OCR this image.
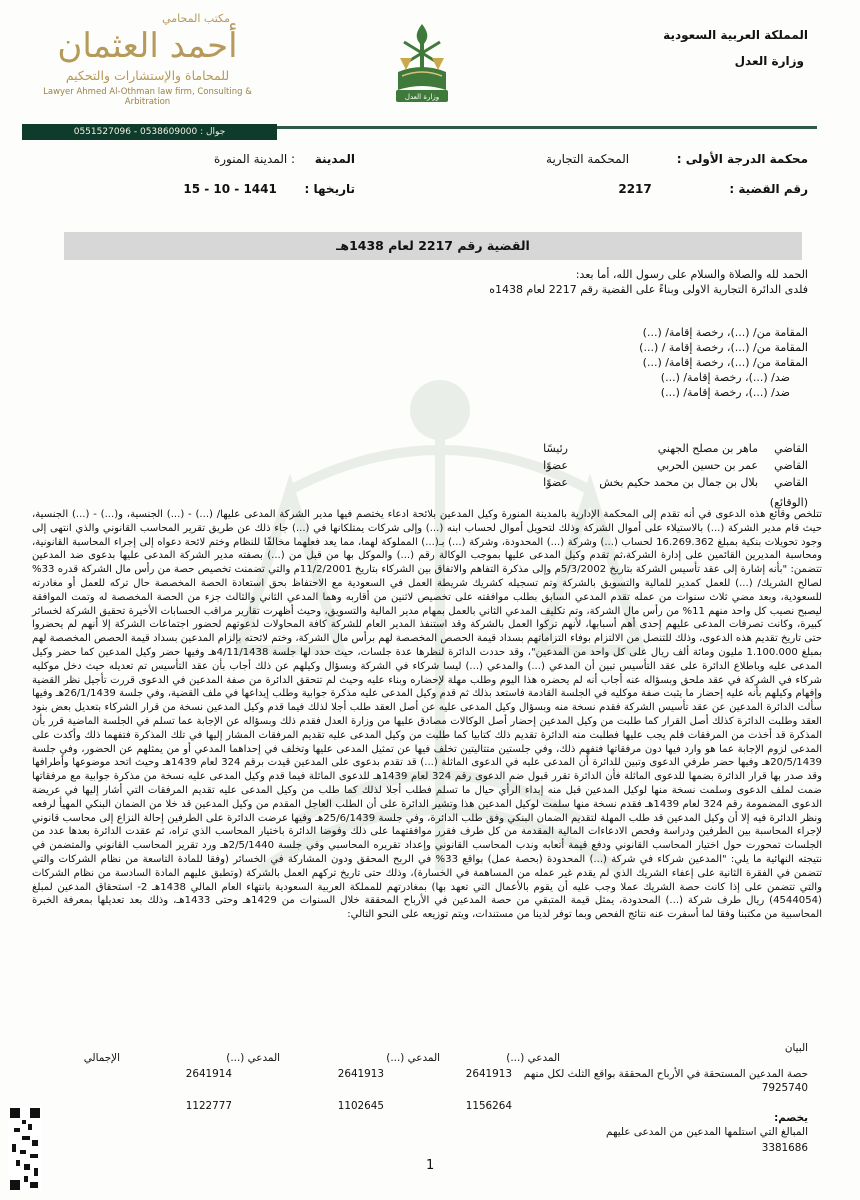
المملكة العربية السعودية
وزارة العدل
وزارة العدل
مكتب المحامي
أحمد العثمان
للمحاماة والإستشارات والتحكيم
Lawyer Ahmed Al-Othman law firm, Consulting & Arbitration
جوال : 0538609000 - 0551527096
محكمة الدرجة الأولى :  المحكمة التجارية
المدينة  : المدينة المنورة
رقم القضية :  2217
تاريخها :  15 - 10 - 1441
القضية رقم 2217 لعام 1438هـ
الحمد لله والصلاة والسلام على رسول الله، أما بعد:
فلدى الدائرة التجارية الاولى وبناءً على القضية رقم 2217 لعام 1438ه
المقامة من/ (...)، رخصة إقامة/ (...)
المقامة من/ (...)، رخصة إقامة / (...)
المقامة من/ (...)، رخصة إقامة/ (...)
ضد/ (...)، رخصة إقامة/ (...)
ضد/ (...)، رخصة إقامة/ (...)
القاضي
ماهر بن مصلح الجهني
رئيسًا
القاضي
عمر بن حسين الحربي
عضوًا
القاضي
بلال بن جمال بن محمد حكيم بخش
عضوًا
(الوقائع)
تتلخص وقائع هذه الدعوى في أنه تقدم إلى المحكمة الإدارية بالمدينة المنورة وكيل المدعين بلائحة ادعاء يختصم فيها مدير الشركة المدعى عليها/ (...) - (...) الجنسية، و(...) - (...) الجنسية، حيث قام مدير الشركة (...) بالاستيلاء على أموال الشركة وذلك لتحويل أموال لحساب ابنه (...) وإلى شركات يمتلكانها في (...) جاء ذلك عن طريق تقرير المحاسب القانوني والذي انتهى إلى وجود تحويلات بنكية بمبلغ 16.269.362 لحساب (...) وشركة (...) المحدودة، وشركة (...) بـ(...) المملوكة لهما، مما يعد فعلهما مخالفًا للنظام وختم لائحة دعواه إلى إجراء المحاسبة القانونية، ومحاسبة المديرين القائمين على إدارة الشركة،ثم تقدم وكيل المدعى عليها بموجب الوكالة رقم (...) والموكل بها من قبل من (...) بصفته مدير الشركة المدعى عليها بدعوى ضد المدعين تتضمن: "بأنه إشارة إلى عقد تأسيس الشركة بتاريخ 5/3/2002م وإلى مذكرة التفاهم والاتفاق بين الشركاء بتاريخ 11/2/2001م والتي تضمنت تخصيص حصة من رأس مال الشركة قدره 33% لصالح الشريك/ (...) للعمل كمدير للمالية والتسويق بالشركة وتم تسجيله كشريك شريطة العمل في السعودية مع الاحتفاظ بحق استعادة الحصة المخصصة حال تركه للعمل أو مغادرته للسعودية، وبعد مضي ثلاث سنوات من عمله تقدم المدعي السابق بطلب موافقته على تخصيص لاثنين من أقاربه وهما المدعي الثاني والثالث جزء من الحصة المخصصة له وتمت الموافقة ليصبح نصيب كل واحد منهم 11% من رأس مال الشركة، وتم تكليف المدعي الثاني بالعمل بمهام مدير المالية والتسويق، وحيث أظهرت تقارير مراقب الحسابات الأخيرة تحقيق الشركة لخسائر كبيرة، وكانت تصرفات المدعى عليهم إحدى أهم أسبابها، لأنهم تركوا العمل بالشركة وقد استنفذ المدير العام للشركة كافة المحاولات لدعوتهم لحضور اجتماعات الشركة إلا أنهم لم يحضروا حتى تاريخ تقديم هذه الدعوى، وذلك للتنصل من الالتزام بوفاء التزاماتهم بسداد قيمة الحصص المخصصة لهم برأس مال الشركة، وختم لائحته بإلزام المدعين بسداد قيمة الحصص المخصصة لهم بمبلغ 1.100.000 مليون ومائة ألف ريال على كل واحد من المدعين"، وقد حددت الدائرة لنظرها عدة جلسات، حيث حدد لها جلسة 4/11/1438هـ وفيها حضر وكيل المدعين كما حضر وكيل المدعى عليه وباطلاع الدائرة على عقد التأسيس تبين أن المدعي (...) والمدعي (...) ليسا شركاء في الشركة وبسؤال وكيلهم عن ذلك أجاب بأن عقد التأسيس تم تعديله حيث دخل موكليه شركاء في الشركة في عقد ملحق وبسؤاله عنه أجاب أنه لم يحضره هذا اليوم وطلب مهلة لإحضاره وبناء عليه وحيث لم تتحقق الدائرة من صفة المدعين في الدعوى قررت تأجيل نظر القضية وإفهام وكيلهم بأنه عليه إحضار ما يثبت صفة موكليه في الجلسة القادمة فاستعد بذلك ثم قدم وكيل المدعى عليه مذكرة جوابية وطلب إيداعها في ملف القضية، وفي جلسة 26/1/1439هـ وفيها سألت الدائرة المدعين عن عقد تأسيس الشركة فقدم نسخة منه وبسؤال وكيل المدعى عليه عن أصل العقد طلب أجلا لذلك فيما قدم وكيل المدعين نسخة من قرار الشركاء بتعديل بعض بنود العقد وطلبت الدائرة كذلك أصل القرار كما طلبت من وكيل المدعين إحضار أصل الوكالات مصادق عليها من وزارة العدل فقدم ذلك وبسؤاله عن الإجابة عما تسلم في الجلسة الماضية قرر بأن المذكرة قد أخذت من المرفقات فلم يجب عليها فطلبت منه الدائرة تقديم ذلك كتابيا كما طلبت من وكيل المدعى عليه تقديم المرفقات المشار إليها في تلك المذكرة فتفهما ذلك وأكدت على المدعى لزوم الإجابة عما هو وارد فيها دون مرفقاتها فتفهم ذلك، وفي جلستين متتاليتين تخلف فيها عن تمثيل المدعى عليها وتخلف في إحداهما المدعي أو من يمثلهم عن الحضور، وفي جلسة 20/5/1439هـ وفيها حضر طرفي الدعوى وتبين للدائرة أن المدعى عليه في الدعوى الماثلة (...) قد تقدم بدعوى على المدعين قيدت برقم 324 لعام 1439هـ وحيث اتحد موضوعها وأطرافها وقد صدر بها قرار الدائرة بضمها للدعوى الماثلة فأن الدائرة تقرر قبول ضم الدعوى رقم 324 لعام 1439هـ للدعوى الماثلة فيما قدم وكيل المدعى عليه نسخة من مذكرة جوابية مع مرفقاتها ضمت لملف الدعوى وسلمت نسخة منها لوكيل المدعين قبل منه إبداء الرأي حيال ما تسلم فطلب أجلا لذلك كما طلب من وكيل المدعى عليه تقديم المرفقات التي أشار إليها في عريضة الدعوى المضمومة رقم 324 لعام 1439هـ فقدم نسخة منها سلمت لوكيل المدعين هذا وتشير الدائرة على أن الطلب العاجل المقدم من وكيل المدعين قد خلا من الضمان البنكي المهيأ لرفعه ونظر الدائرة فيه إلا أن وكيل المدعين قد طلب المهلة لتقديم الضمان البنكي وفق طلب الدائرة، وفي جلسة 25/6/1439هـ وفيها عرضت الدائرة على الطرفين إحالة النزاع إلى محاسب قانوني لإجراء المحاسبة بين الطرفين ودراسة وفحص الادعاءات المالية المقدمة من كل طرف فقرر موافقتهما على ذلك وفوضا الدائرة باختيار المحاسب الذي تراه، ثم عقدت الدائرة بعدها عدد من الجلسات تمحورت حول اختيار المحاسب القانوني ودفع قيمة أتعابه وندب المحاسب القانوني وإعداد تقريره المحاسبي وفي جلسة 2/5/1440هـ ورد تقرير المحاسب القانوني والمتضمن في نتيجته النهائية ما يلي: "المدعين شركاء في شركة (...) المحدودة (بحصة عمل) بواقع 33% في الربح المحقق ودون المشاركة في الخسائر (وفقا للمادة التاسعة من نظام الشركات والتي تتضمن في الفقرة الثانية على إعفاء الشريك الذي لم يقدم غير عمله من المساهمة في الخسارة)، وذلك حتى تاريخ تركهم العمل بالشركة (وتطبق عليهم المادة السادسة من نظام الشركات والتي تتضمن على إذا كانت حصة الشريك عملا وجب عليه أن يقوم بالأعمال التي تعهد بها) بمغادرتهم للمملكة العربية السعودية بانتهاء العام المالي 1438هـ 2- استحقاق المدعين لمبلغ (4544054) ريال طرف شركة (...) المحدودة، يمثل قيمة المتبقي من حصة المدعين في الأرباح المحققة خلال السنوات من 1429هـ وحتى 1433هـ، وذلك بعد تعديلها بمعرفة الخبرة المحاسبية من مكتبنا وفقا لما أسفرت عنه نتائج الفحص وبما توفر لدينا من مستندات، ويتم توزيعه على النحو التالي:
البيان
المدعي (...)
المدعي (...)
المدعي (...)
الإجمالي
حصة المدعين المستحقة في الأرباح المحققة بواقع الثلث لكل منهم
2641913
2641913
2641914
7925740
يخصم:
المبالغ التي استلمها المدعين من المدعى عليهم
1156264
1102645
1122777
3381686
1
